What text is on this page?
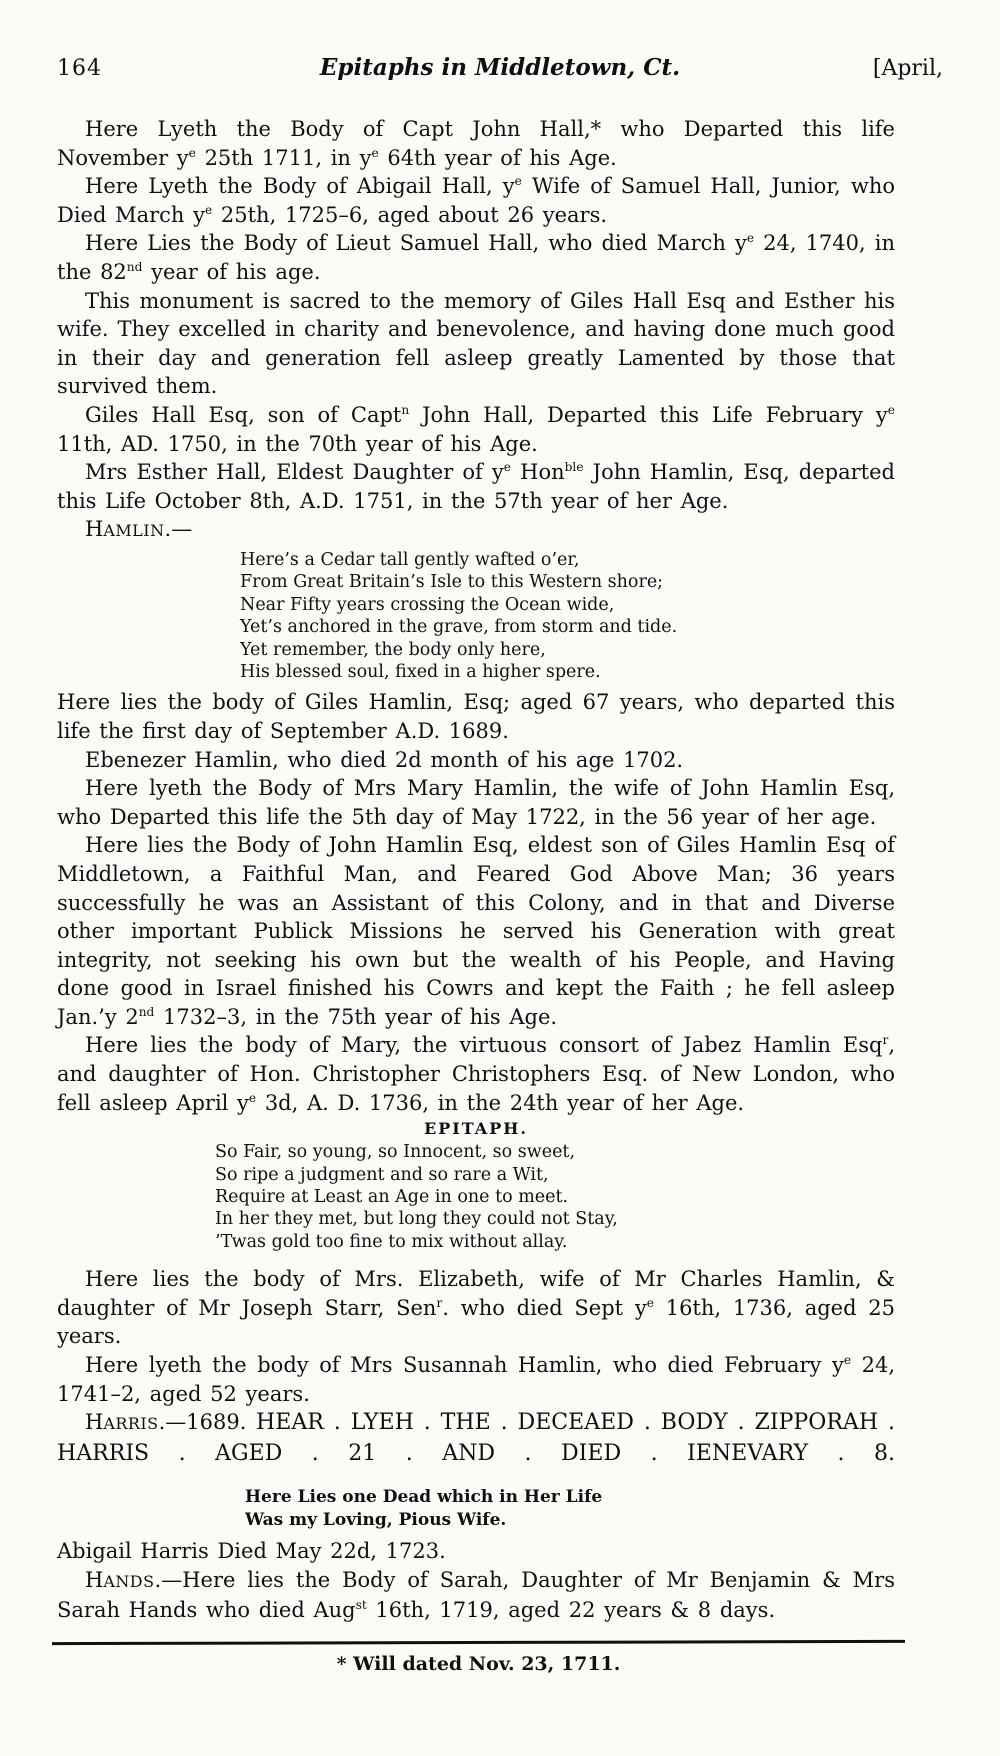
164	Epitaphs in Middletown, Ct.	[April,

Here Lyeth the Body of Capt John Hall,* who Departed this life November $y^e$ 25th 1711, in $y^e$ 64th year of his Age.

Here Lyeth the Body of Abigail Hall, $y^e$ Wife of Samuel Hall, Junior, who Died March $y^e$ 25th, 1725–6, aged about 26 years.

Here Lies the Body of Lieut Samuel Hall, who died March $y^e$ 24, 1740, in the 82nd year of his age.

This monument is sacred to the memory of Giles Hall Esq and Esther his wife. They excelled in charity and benevolence, and having done much good in their day and generation fell asleep greatly Lamented by those that survived them.

Giles Hall Esq, son of Capt$^n$ John Hall, Departed this Life February $y^e$ 11th, AD. 1750, in the 70th year of his Age.

Mrs Esther Hall, Eldest Daughter of $y^e$ Hon$^{ble}$ John Hamlin, Esq, departed this Life October 8th, A.D. 1751, in the 57th year of her Age.

HAMLIN.—

Here’s a Cedar tall gently wafted o’er,
From Great Britain’s Isle to this Western shore;
Near Fifty years crossing the Ocean wide,
Yet’s anchored in the grave, from storm and tide.
Yet remember, the body only here,
His blessed soul, fixed in a higher spere.

Here lies the body of Giles Hamlin, Esq; aged 67 years, who departed this life the first day of September A.D. 1689.

Ebenezer Hamlin, who died 2d month of his age 1702.

Here lyeth the Body of Mrs Mary Hamlin, the wife of John Hamlin Esq, who Departed this life the 5th day of May 1722, in the 56 year of her age.

Here lies the Body of John Hamlin Esq, eldest son of Giles Hamlin Esq of Middletown, a Faithful Man, and Feared God Above Man; 36 years successfully he was an Assistant of this Colony, and in that and Diverse other important Publick Missions he served his Generation with great integrity, not seeking his own but the wealth of his People, and Having done good in Israel finished his Cowrs and kept the Faith ; he fell asleep Jan.’y 2nd 1732–3, in the 75th year of his Age.

Here lies the body of Mary, the virtuous consort of Jabez Hamlin Esq$^r$, and daughter of Hon. Christopher Christophers Esq. of New London, who fell asleep April $y^e$ 3d, A. D. 1736, in the 24th year of her Age.

EPITAPH.

So Fair, so young, so Innocent, so sweet,
So ripe a judgment and so rare a Wit,
Require at Least an Age in one to meet.
In her they met, but long they could not Stay,
’Twas gold too fine to mix without allay.

Here lies the body of Mrs. Elizabeth, wife of Mr Charles Hamlin, & daughter of Mr Joseph Starr, Sen$^r$. who died Sept $y^e$ 16th, 1736, aged 25 years.

Here lyeth the body of Mrs Susannah Hamlin, who died February $y^e$ 24, 1741–2, aged 52 years.

HARRIS.—1689. HEAR . LYEH . THE . DECEAED . BODY . ZIPPORAH . HARRIS . AGED . 21 . AND . DIED . IENEVARY . 8.

Here Lies one Dead which in Her Life
Was my Loving, Pious Wife.

Abigail Harris Died May 22d, 1723.

HANDS.—Here lies the Body of Sarah, Daughter of Mr Benjamin & Mrs Sarah Hands who died Aug$^{st}$ 16th, 1719, aged 22 years & 8 days.

* Will dated Nov. 23, 1711.
